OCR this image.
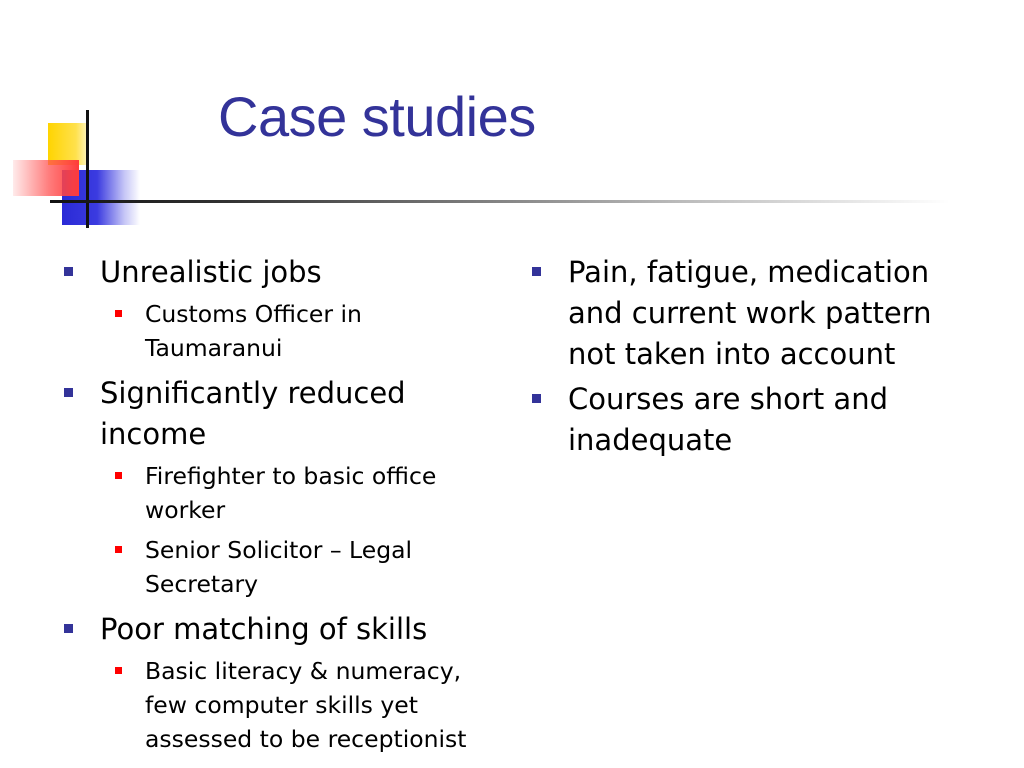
Case studies
Unrealistic jobs
Customs Officer in Taumaranui
Significantly reduced income
Firefighter to basic office worker
Senior Solicitor – Legal Secretary
Poor matching of skills
Basic literacy & numeracy, few computer skills yet assessed to be receptionist
Pain, fatigue, medication and current work pattern not taken into account
Courses are short and inadequate
